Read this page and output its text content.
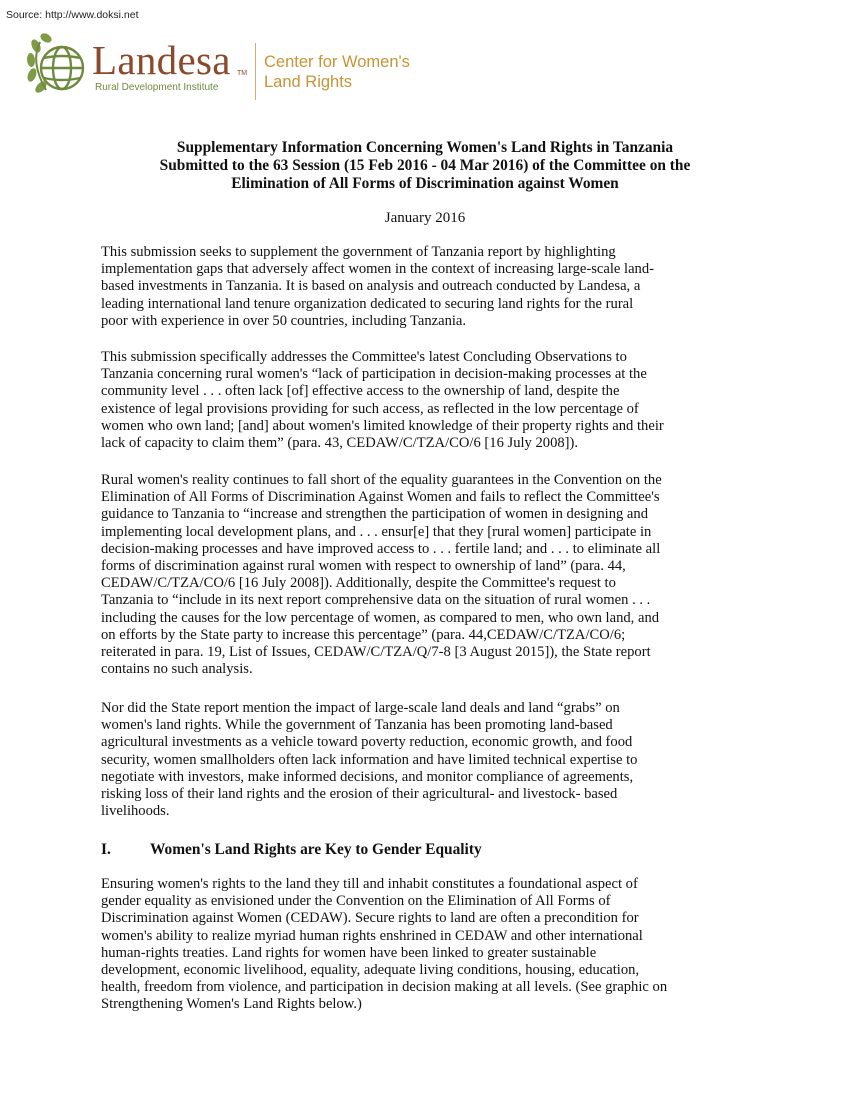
Source: http://www.doksi.net
Landesa TM
Rural Development Institute
Center for Women's
Land Rights
Supplementary Information Concerning Women's Land Rights in Tanzania
Submitted to the 63 Session (15 Feb 2016 - 04 Mar 2016) of the Committee on the
Elimination of All Forms of Discrimination against Women
January 2016
This submission seeks to supplement the government of Tanzania report by highlighting
implementation gaps that adversely affect women in the context of increasing large-scale land-
based investments in Tanzania. It is based on analysis and outreach conducted by Landesa, a
leading international land tenure organization dedicated to securing land rights for the rural
poor with experience in over 50 countries, including Tanzania.
This submission specifically addresses the Committee's latest Concluding Observations to
Tanzania concerning rural women's “lack of participation in decision-making processes at the
community level . . . often lack [of] effective access to the ownership of land, despite the
existence of legal provisions providing for such access, as reflected in the low percentage of
women who own land; [and] about women's limited knowledge of their property rights and their
lack of capacity to claim them” (para. 43, CEDAW/C/TZA/CO/6 [16 July 2008]).
Rural women's reality continues to fall short of the equality guarantees in the Convention on the
Elimination of All Forms of Discrimination Against Women and fails to reflect the Committee's
guidance to Tanzania to “increase and strengthen the participation of women in designing and
implementing local development plans, and . . . ensur[e] that they [rural women] participate in
decision-making processes and have improved access to . . . fertile land; and . . . to eliminate all
forms of discrimination against rural women with respect to ownership of land” (para. 44,
CEDAW/C/TZA/CO/6 [16 July 2008]). Additionally, despite the Committee's request to
Tanzania to “include in its next report comprehensive data on the situation of rural women . . .
including the causes for the low percentage of women, as compared to men, who own land, and
on efforts by the State party to increase this percentage” (para. 44,CEDAW/C/TZA/CO/6;
reiterated in para. 19, List of Issues, CEDAW/C/TZA/Q/7-8 [3 August 2015]), the State report
contains no such analysis.
Nor did the State report mention the impact of large-scale land deals and land “grabs” on
women's land rights. While the government of Tanzania has been promoting land-based
agricultural investments as a vehicle toward poverty reduction, economic growth, and food
security, women smallholders often lack information and have limited technical expertise to
negotiate with investors, make informed decisions, and monitor compliance of agreements,
risking loss of their land rights and the erosion of their agricultural- and livestock- based
livelihoods.
I.	Women's Land Rights are Key to Gender Equality
Ensuring women's rights to the land they till and inhabit constitutes a foundational aspect of
gender equality as envisioned under the Convention on the Elimination of All Forms of
Discrimination against Women (CEDAW). Secure rights to land are often a precondition for
women's ability to realize myriad human rights enshrined in CEDAW and other international
human-rights treaties. Land rights for women have been linked to greater sustainable
development, economic livelihood, equality, adequate living conditions, housing, education,
health, freedom from violence, and participation in decision making at all levels. (See graphic on
Strengthening Women's Land Rights below.)
